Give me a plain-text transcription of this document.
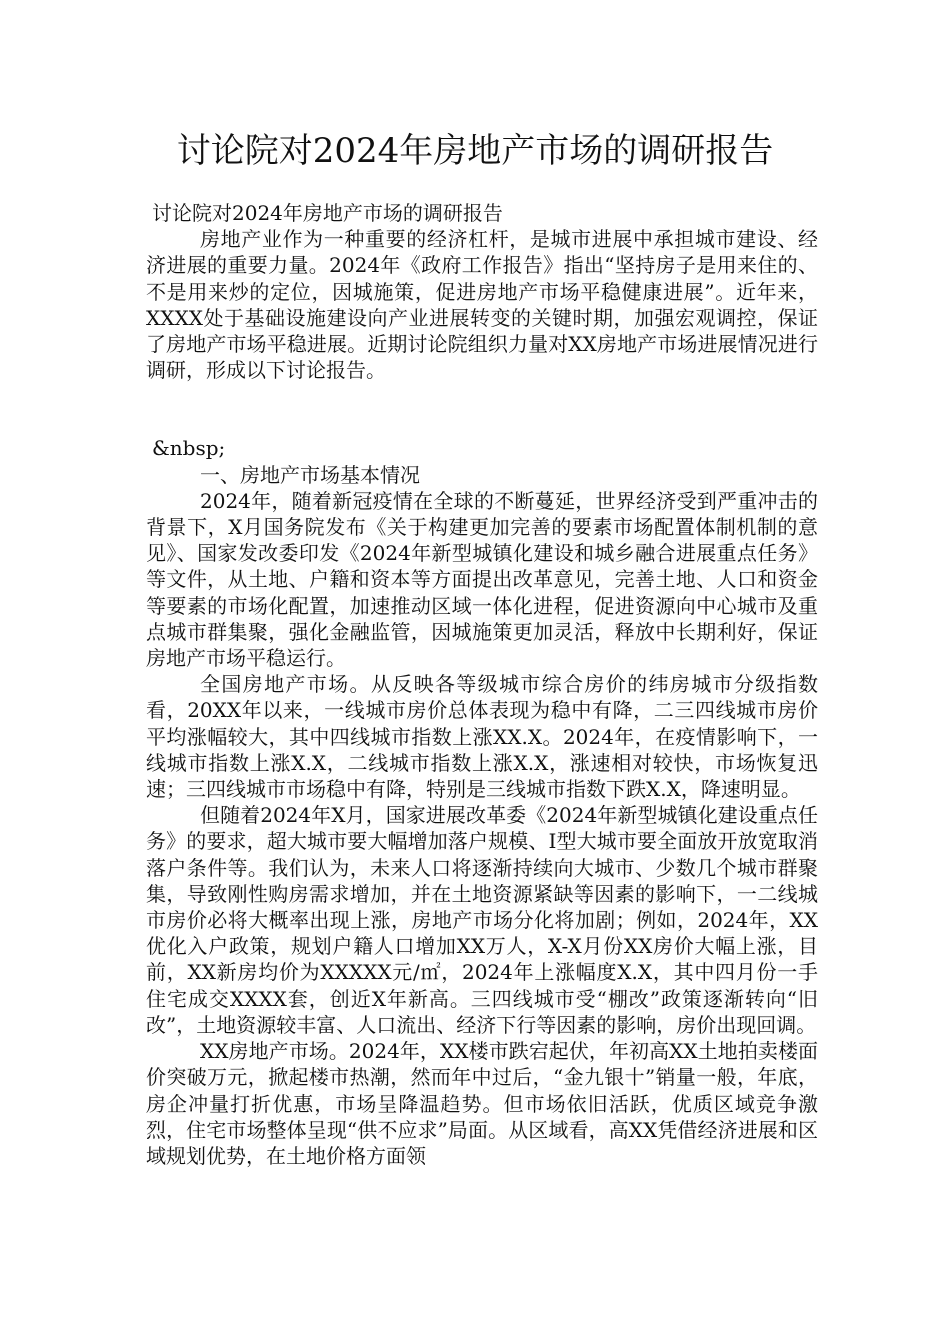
讨论院对2024年房地产市场的调研报告

讨论院对2024年房地产市场的调研报告

房地产业作为一种重要的经济杠杆，是城市进展中承担城市建设、经济进展的重要力量。2024年《政府工作报告》指出“坚持房子是用来住的、不是用来炒的定位，因城施策，促进房地产市场平稳健康进展”。近年来，XXXX处于基础设施建设向产业进展转变的关键时期，加强宏观调控，保证了房地产市场平稳进展。近期讨论院组织力量对XX房地产市场进展情况进行调研，形成以下讨论报告。

&nbsp;

一、房地产市场基本情况

2024年，随着新冠疫情在全球的不断蔓延，世界经济受到严重冲击的背景下，X月国务院发布《关于构建更加完善的要素市场配置体制机制的意见》、国家发改委印发《2024年新型城镇化建设和城乡融合进展重点任务》等文件，从土地、户籍和资本等方面提出改革意见，完善土地、人口和资金等要素的市场化配置，加速推动区域一体化进程，促进资源向中心城市及重点城市群集聚，强化金融监管，因城施策更加灵活，释放中长期利好，保证房地产市场平稳运行。

全国房地产市场。从反映各等级城市综合房价的纬房城市分级指数看，20XX年以来，一线城市房价总体表现为稳中有降，二三四线城市房价平均涨幅较大，其中四线城市指数上涨XX.X。2024年，在疫情影响下，一线城市指数上涨X.X，二线城市指数上涨X.X，涨速相对较快，市场恢复迅速；三四线城市市场稳中有降，特别是三线城市指数下跌X.X，降速明显。

但随着2024年X月，国家进展改革委《2024年新型城镇化建设重点任务》的要求，超大城市要大幅增加落户规模、Ⅰ型大城市要全面放开放宽取消落户条件等。我们认为，未来人口将逐渐持续向大城市、少数几个城市群聚集，导致刚性购房需求增加，并在土地资源紧缺等因素的影响下，一二线城市房价必将大概率出现上涨，房地产市场分化将加剧；例如，2024年，XX优化入户政策，规划户籍人口增加XX万人，X-X月份XX房价大幅上涨，目前，XX新房均价为XXXXX元/㎡，2024年上涨幅度X.X，其中四月份一手住宅成交XXXX套，创近X年新高。三四线城市受“棚改”政策逐渐转向“旧改”，土地资源较丰富、人口流出、经济下行等因素的影响，房价出现回调。

XX房地产市场。2024年，XX楼市跌宕起伏，年初高XX土地拍卖楼面价突破万元，掀起楼市热潮，然而年中过后，“金九银十”销量一般，年底，房企冲量打折优惠，市场呈降温趋势。但市场依旧活跃，优质区域竞争激烈，住宅市场整体呈现“供不应求”局面。从区域看，高XX凭借经济进展和区域规划优势，在土地价格方面领
